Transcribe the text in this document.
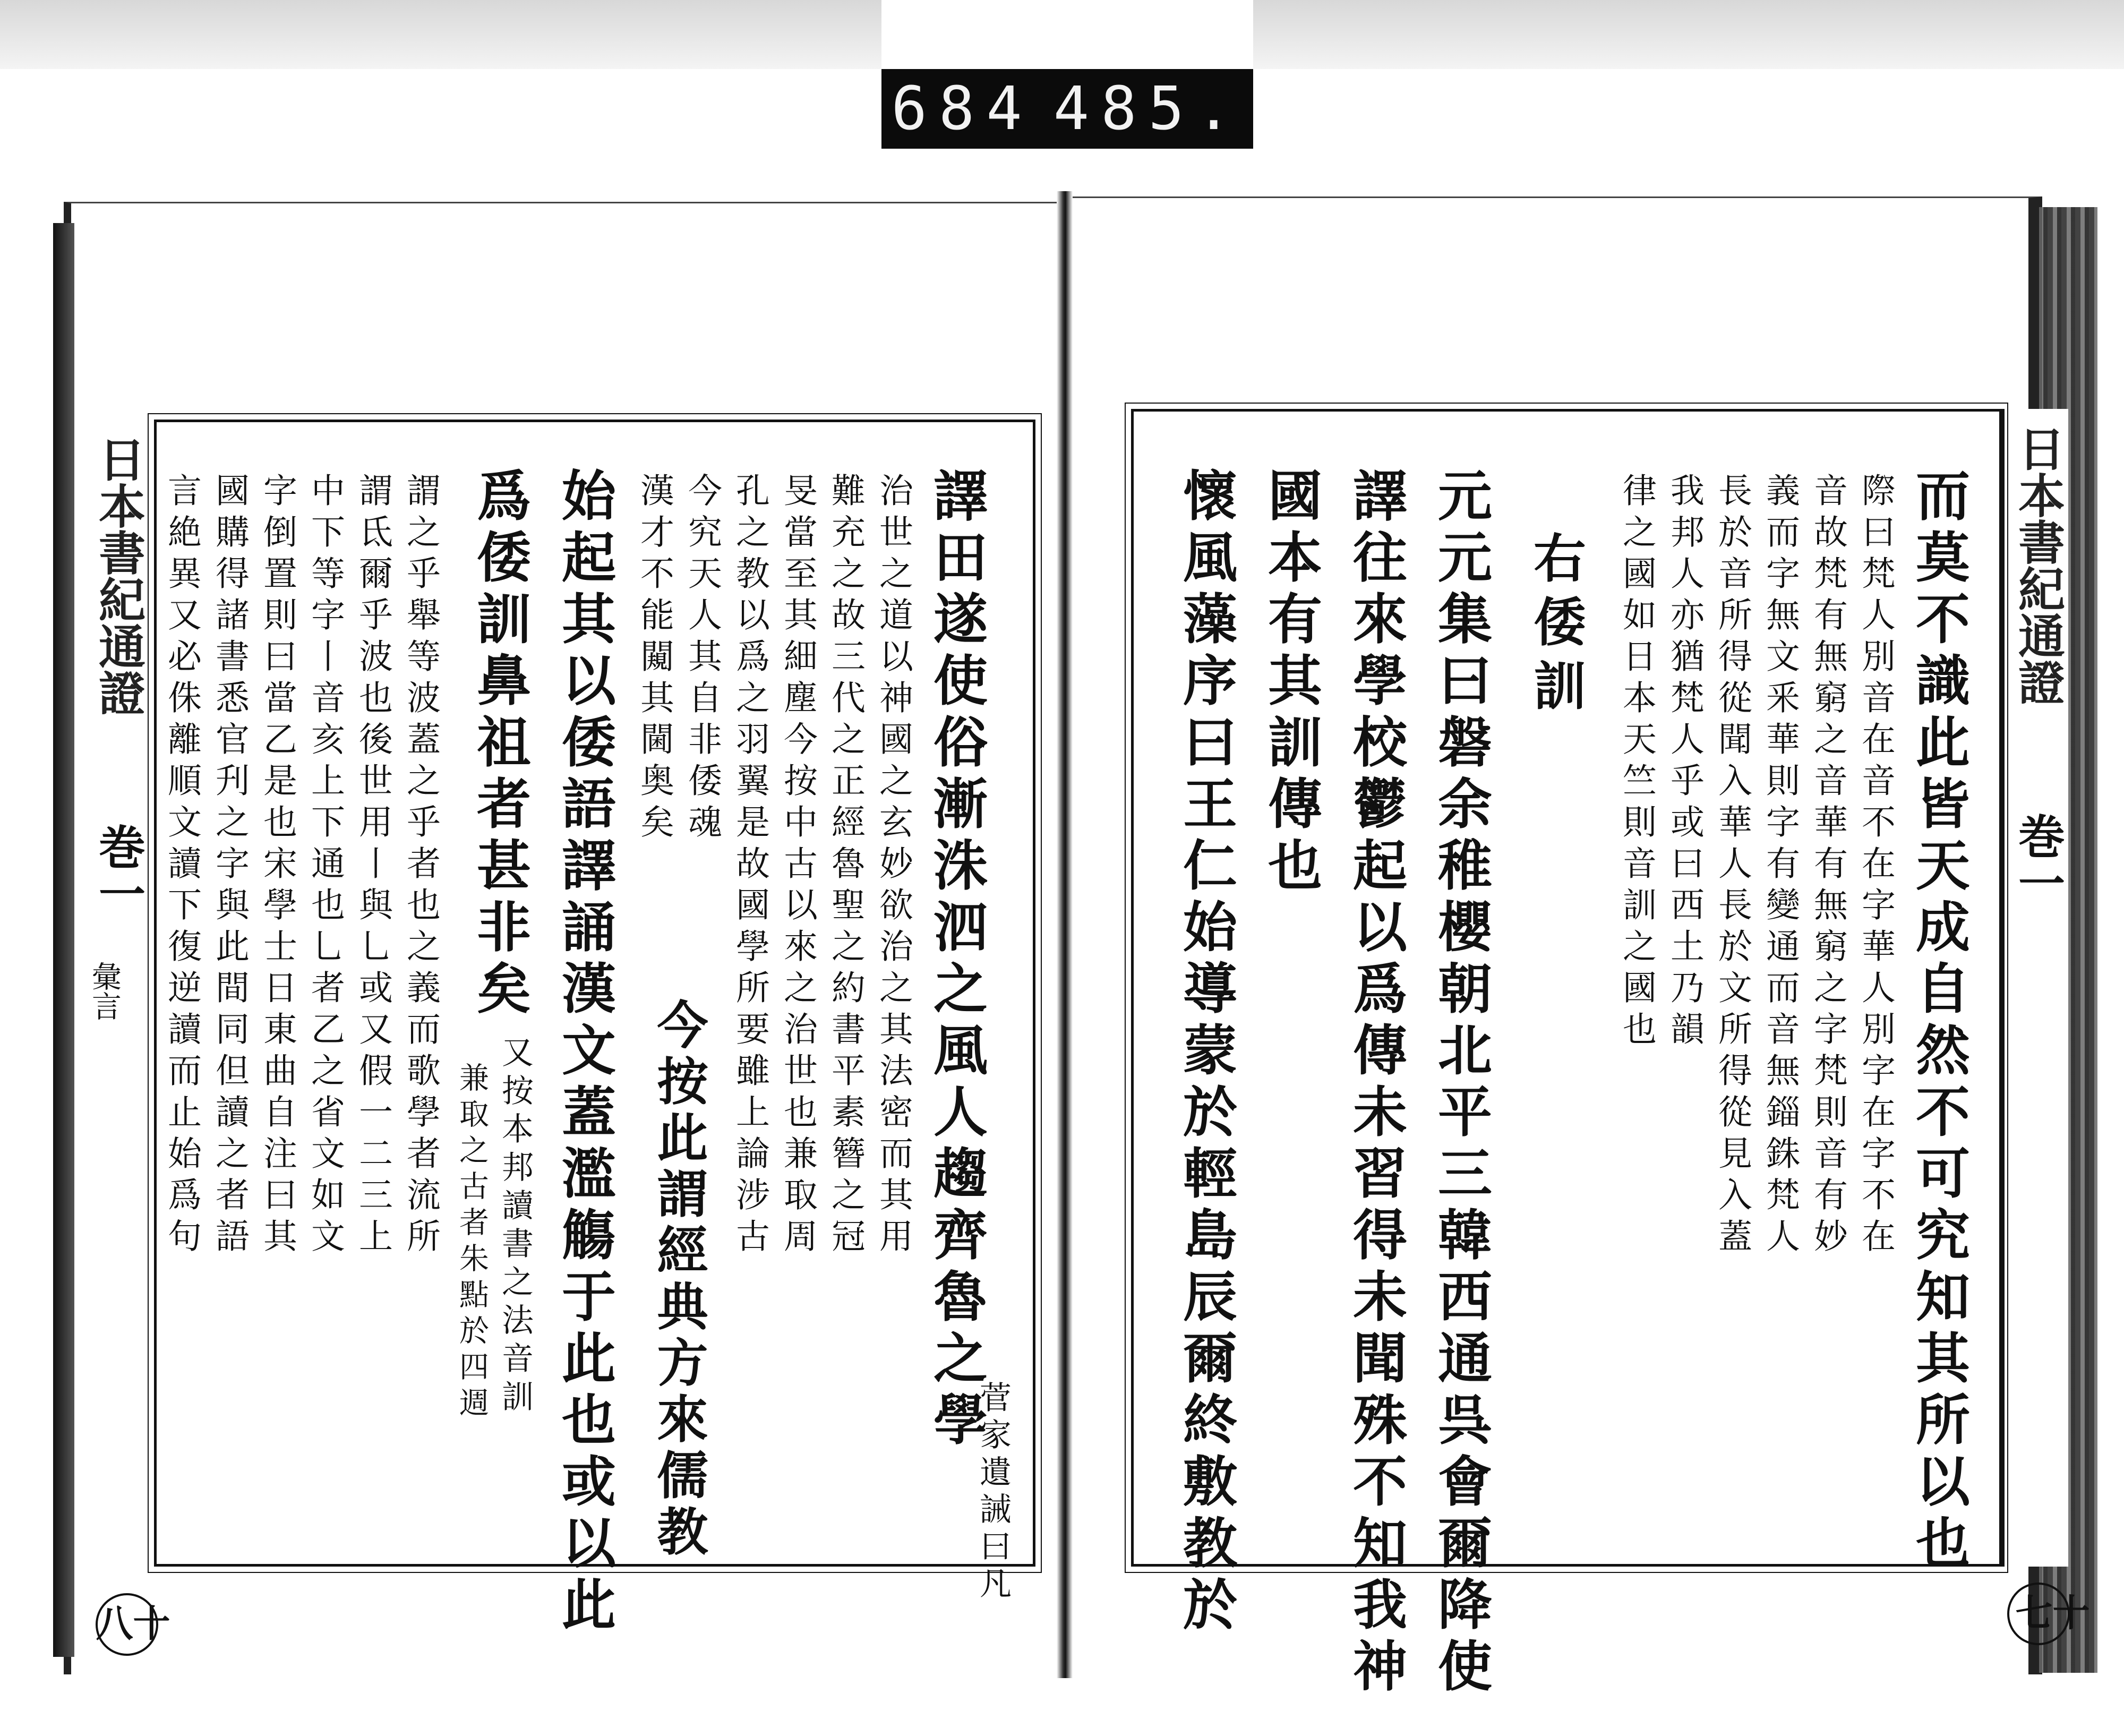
684 485.
日本書紀通證
巻一
彙言
十八
日本書紀通證
巻一
十七
而莫不識此皆天成自然不可究知其所以也
際曰梵人別音在音不在字華人別字在字不在
音故梵有無窮之音華有無窮之字梵則音有妙
義而字無文釆華則字有變通而音無錙銖梵人
長於音所得從聞入華人長於文所得從見入蓋
我邦人亦猶梵人乎或曰西土乃韻
律之國如日本天竺則音訓之國也
右倭訓
元元集曰磐余稚櫻朝北平三韓西通呉會爾降使
譯往來學校鬱起以爲傳未習得未聞殊不知我神
國本有其訓傳也
懷風藻序曰王仁始導蒙於輕島辰爾終敷教於
譯田遂使俗漸洙泗之風人趨齊魯之學
菅家遺誡曰凡
治世之道以神國之玄妙欲治之其法密而其用
難充之故三代之正經魯聖之約書平素簪之冠
旻當至其細塵今按中古以來之治世也兼取周
孔之教以爲之羽翼是故國學所要雖上論涉古
今究天人其自非倭魂
漢才不能闚其閫奥矣
今按此謂經典方來儒教
始起其以倭語譯誦漢文蓋濫觴于此也或以此
爲倭訓鼻祖者甚非矣
又按本邦讀書之法音訓
兼取之古者朱點於四週
謂之乎舉等波蓋之乎者也之義而歌學者流所
謂氐爾乎波也後世用丨與乚或又假一二三上
中下等字丨音亥上下通也乚者乙之省文如文
字倒置則曰當乙是也宋學士日東曲自注曰其
國購得諸書悉官刋之字與此間同但讀之者語
言絶異又必侏離順文讀下復逆讀而止始爲句
